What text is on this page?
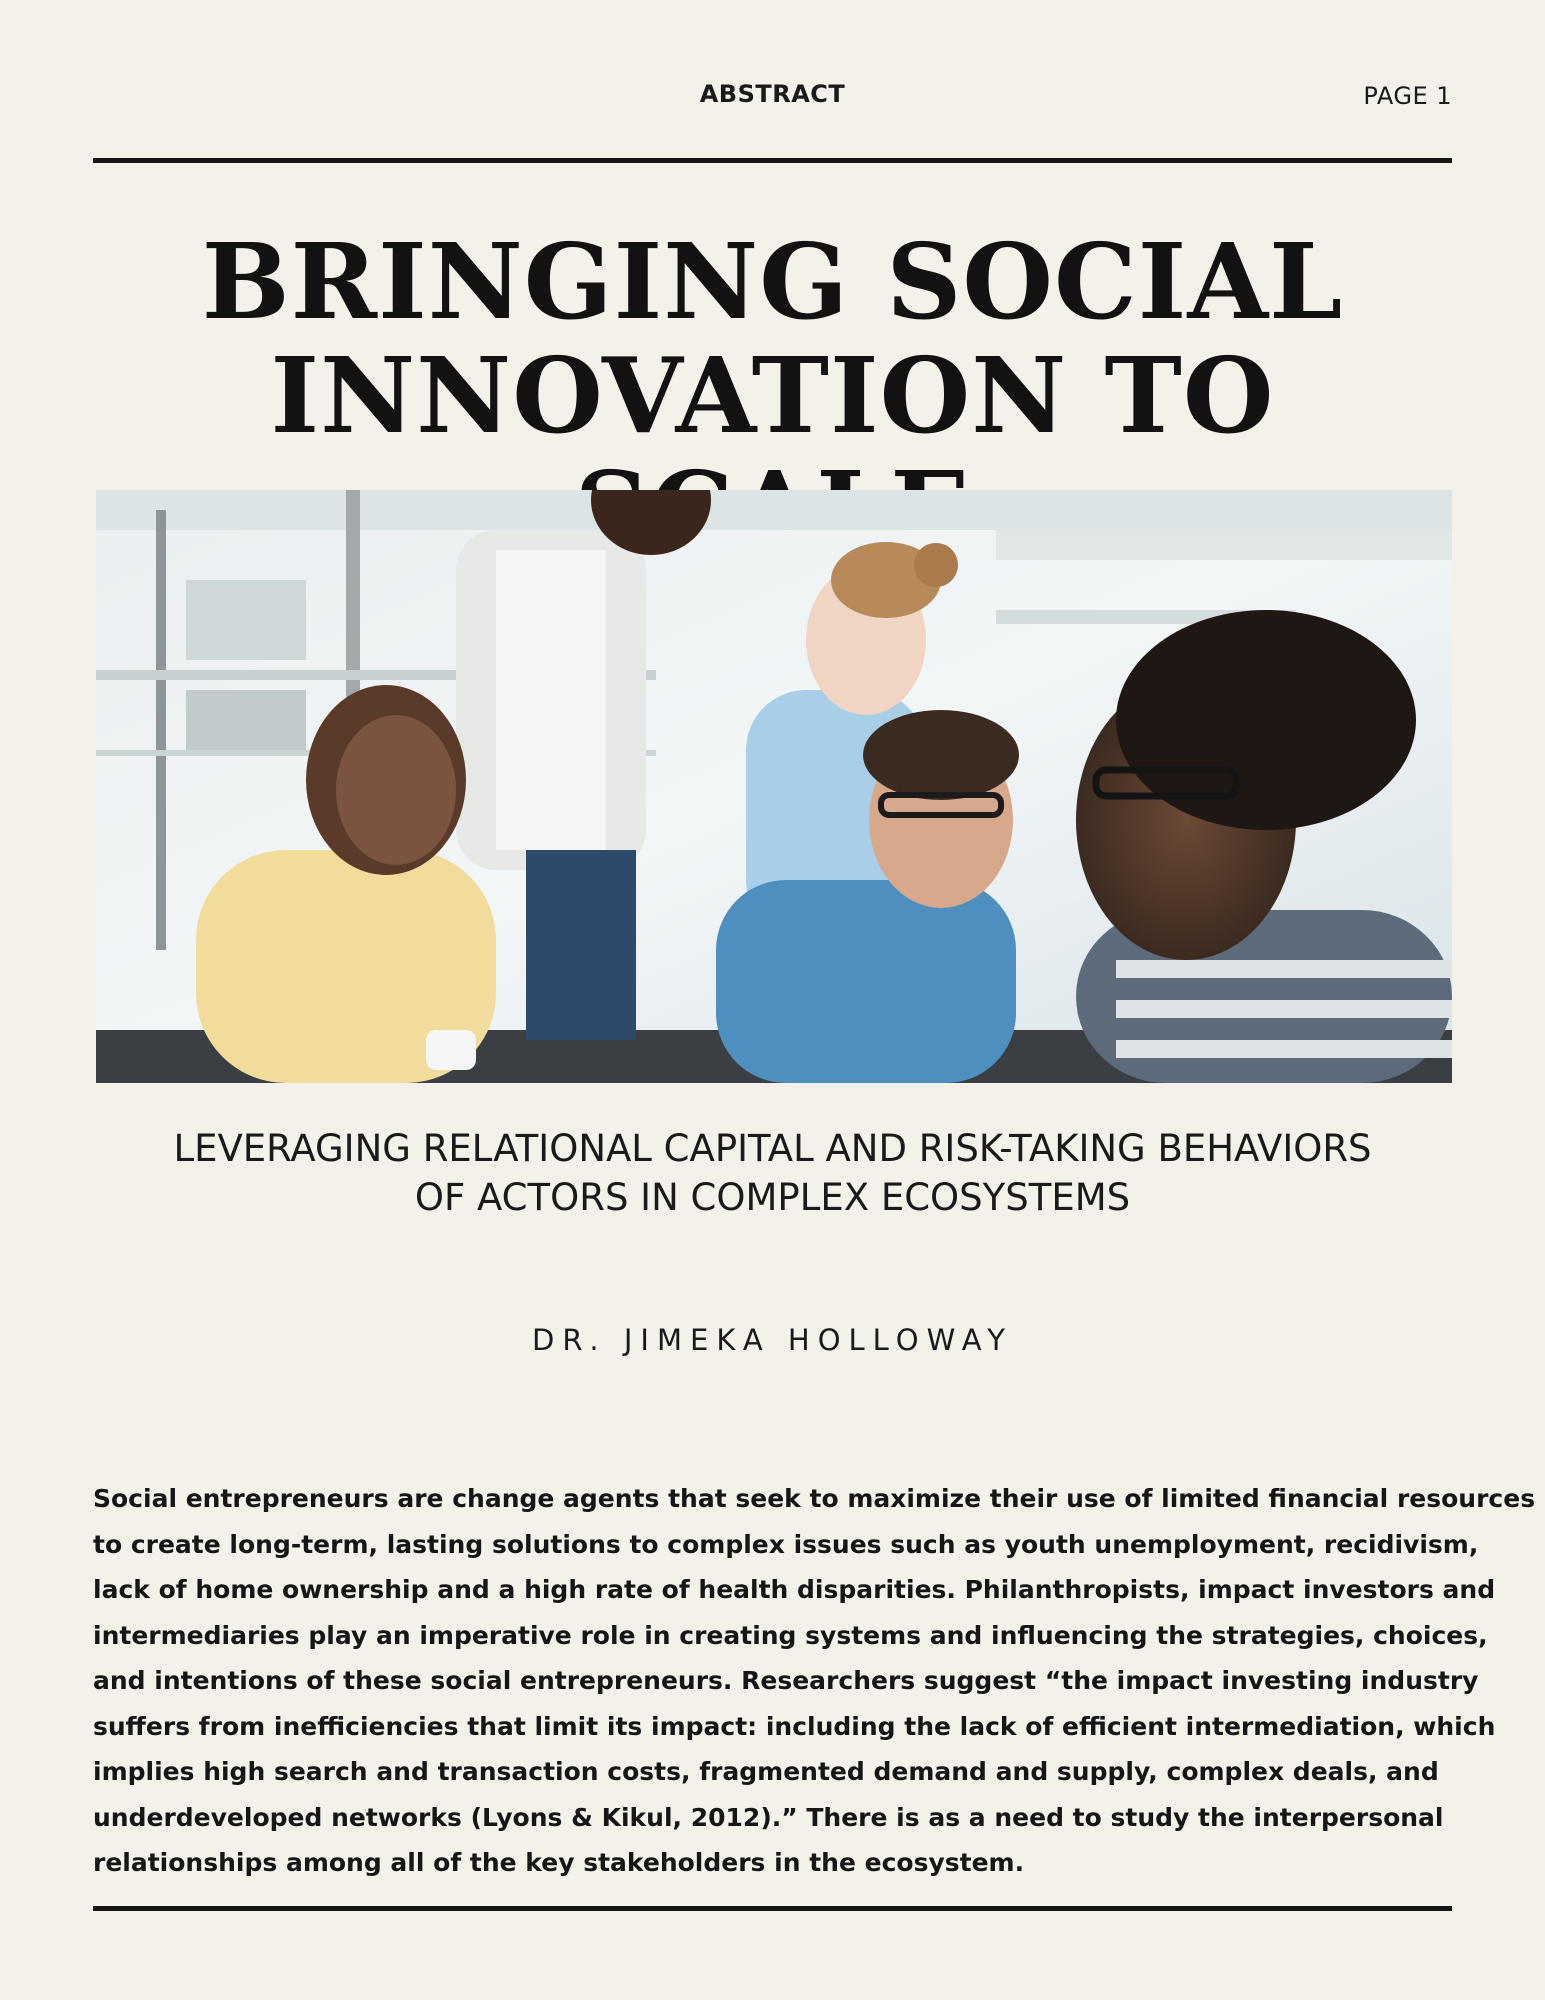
ABSTRACT	PAGE 1
BRINGING SOCIAL
INNOVATION TO
LEVERAGING RELATIONAL CAPITAL AND RISK-TAKING BEHAVIORS
OF ACTORS IN COMPLEX ECOSYSTEMS
DR. JIMEKA HOLLOWAY

Social entrepreneurs are change agents that seek to maximize their use of limited financial resources
to create long-term, lasting solutions to complex issues such as youth unemployment, recidivism,
lack of home ownership and a high rate of health disparities. Philanthropists, impact investors and
intermediaries play an imperative role in creating systems and influencing the strategies, choices,
and intentions of these social entrepreneurs. Researchers suggest “the impact investing industry
suffers from inefficiencies that limit its impact: including the lack of efficient intermediation, which
implies high search and transaction costs, fragmented demand and supply, complex deals, and
underdeveloped networks (Lyons & Kikul, 2012).” There is as a need to study the interpersonal
relationships among all of the key stakeholders in the ecosystem.
